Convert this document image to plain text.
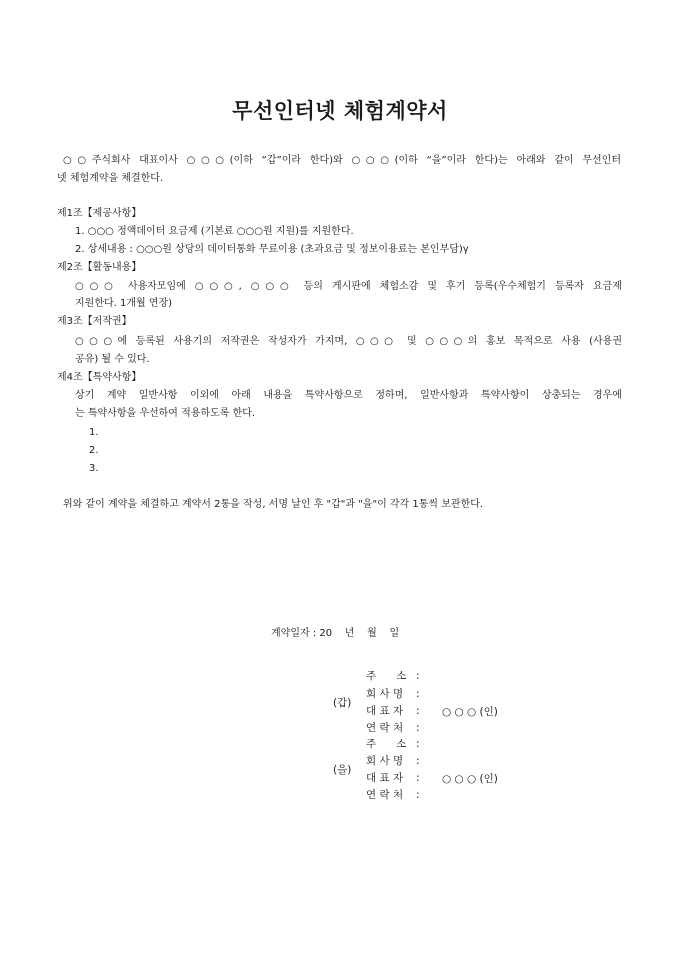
무선인터넷 체험계약서
○○주식회사 대표이사 ○○○(이하 “갑”이라 한다)와 ○○○(이하 “을”이라 한다)는 아래와 같이 무선인터
넷 체험계약을 체결한다.
제1조【제공사항】
1. ○○○ 정액데이터 요금제 (기본료 ○○○원 지원)를 지원한다.
2. 상세내용 : ○○○원 상당의 데이터통화 무료이용 (초과요금 및 정보이용료는 본인부담)γ
제2조【활동내용】
○○○ 사용자모임에 ○○○, ○○○ 등의 게시판에 체험소감 및 후기 등록(우수체험기 등록자 요금제
지원한다. 1개월 연장)
제3조【저작권】
○○○에 등록된 사용기의 저작권은 작성자가 가지며, ○○○ 및 ○○○의 홍보 목적으로 사용 (사용권
공유) 될 수 있다.
제4조【특약사항】
상기 계약 일반사항 이외에 아래 내용을 특약사항으로 정하며, 일반사항과 특약사항이 상충되는 경우에
는 특약사항을 우선하여 적용하도록 한다.
1.
2.
3.
위와 같이 계약을 체결하고 계약서 2통을 작성, 서명 날인 후 "갑"과 "을"이 각각 1통씩 보관한다.
계약일자 : 20    년    월    일
(갑)
주      소 :
회 사 명 :
대 표 자 : ○ ○ ○ (인)
연 락 처 :
(을)
주      소 :
회 사 명 :
대 표 자 : ○ ○ ○ (인)
연 락 처 :
